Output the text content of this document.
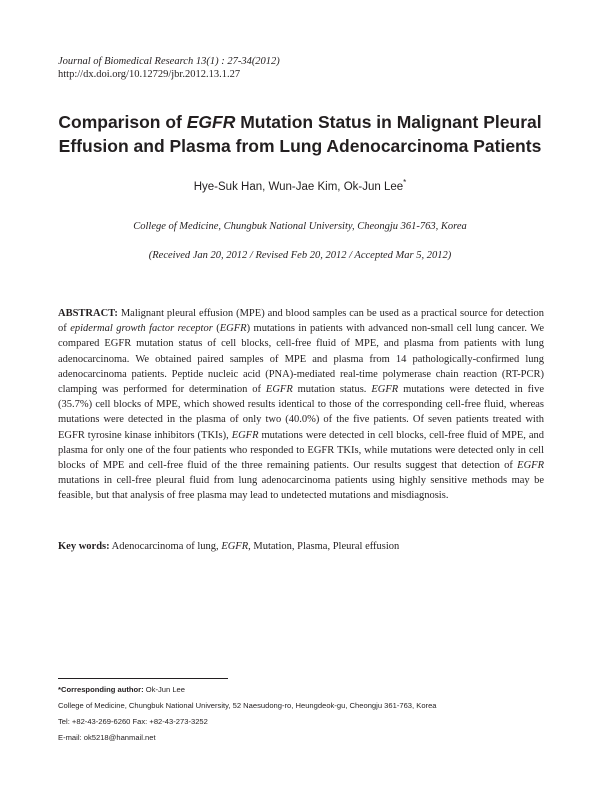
Journal of Biomedical Research 13(1) : 27-34(2012)
http://dx.doi.org/10.12729/jbr.2012.13.1.27
Comparison of EGFR Mutation Status in Malignant Pleural
Effusion and Plasma from Lung Adenocarcinoma Patients
Hye-Suk Han, Wun-Jae Kim, Ok-Jun Lee*
College of Medicine, Chungbuk National University, Cheongju 361-763, Korea
(Received Jan 20, 2012 / Revised Feb 20, 2012 / Accepted Mar 5, 2012)
ABSTRACT: Malignant pleural effusion (MPE) and blood samples can be used as a practical source for detection of epidermal growth factor receptor (EGFR) mutations in patients with advanced non-small cell lung cancer. We compared EGFR mutation status of cell blocks, cell-free fluid of MPE, and plasma from patients with lung adenocarcinoma. We obtained paired samples of MPE and plasma from 14 pathologically-confirmed lung adenocarcinoma patients. Peptide nucleic acid (PNA)-mediated real-time polymerase chain reaction (RT-PCR) clamping was performed for determination of EGFR mutation status. EGFR mutations were detected in five (35.7%) cell blocks of MPE, which showed results identical to those of the corresponding cell-free fluid, whereas mutations were detected in the plasma of only two (40.0%) of the five patients. Of seven patients treated with EGFR tyrosine kinase inhibitors (TKIs), EGFR mutations were detected in cell blocks, cell-free fluid of MPE, and plasma for only one of the four patients who responded to EGFR TKIs, while mutations were detected only in cell blocks of MPE and cell-free fluid of the three remaining patients. Our results suggest that detection of EGFR mutations in cell-free pleural fluid from lung adenocarcinoma patients using highly sensitive methods may be feasible, but that analysis of free plasma may lead to undetected mutations and misdiagnosis.
Key words: Adenocarcinoma of lung, EGFR, Mutation, Plasma, Pleural effusion
*Corresponding author: Ok-Jun Lee
College of Medicine, Chungbuk National University, 52 Naesudong-ro, Heungdeok-gu, Cheongju 361-763, Korea
Tel: +82-43-269-6260 Fax: +82-43-273-3252
E-mail: ok5218@hanmail.net
